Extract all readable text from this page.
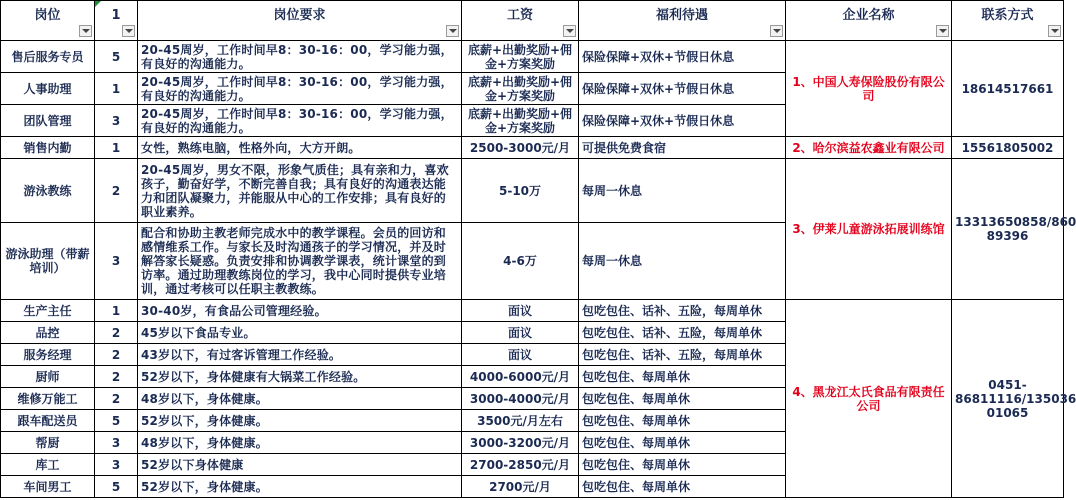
岗位	1	岗位要求	工资	福利待遇	企业名称	联系方式

售后服务专员	5	20-45周岁，工作时间早8：30-16：00，学习能力强，有良好的沟通能力。	底薪+出勤奖励+佣金+方案奖励	保险保障+双休+节假日休息	1、中国人寿保险股份有限公司	18614517661
人事助理	1	20-45周岁，工作时间早8：30-16：00，学习能力强，有良好的沟通能力。	底薪+出勤奖励+佣金+方案奖励	保险保障+双休+节假日休息		
团队管理	3	20-45周岁，工作时间早8：30-16：00，学习能力强，有良好的沟通能力。	底薪+出勤奖励+佣金+方案奖励	保险保障+双休+节假日休息		
销售内勤	1	女性，熟练电脑，性格外向，大方开朗。	2500-3000元/月	可提供免费食宿	2、哈尔滨益农鑫业有限公司	15561805002
游泳教练	2	20-45周岁，男女不限，形象气质佳；具有亲和力，喜欢孩子，勤奋好学，不断完善自我；具有良好的沟通表达能力和团队凝聚力，并能服从中心的工作安排；具有良好的职业素养。	5-10万	每周一休息	3、伊莱儿童游泳拓展训练馆	13313650858/860 89396
游泳助理（带薪培训）	3	配合和协助主教老师完成水中的教学课程。会员的回访和感情维系工作。与家长及时沟通孩子的学习情况，并及时解答家长疑惑。负责安排和协调教学课表，统计课堂的到访率。通过助理教练岗位的学习，我中心同时提供专业培训，通过考核可以任职主教教练。	4-6万	每周一休息		
生产主任	1	30-40岁，有食品公司管理经验。	面议	包吃包住、话补、五险，每周单休	4、黑龙江太氏食品有限责任公司	0451-86811116/135036 01065
品控	2	45岁以下食品专业。	面议	包吃包住、话补、五险，每周单休		
服务经理	2	43岁以下，有过客诉管理工作经验。	面议	包吃包住、话补、五险，每周单休		
厨师	2	52岁以下，身体健康有大锅菜工作经验。	4000-6000元/月	包吃包住、每周单休		
维修万能工	2	48岁以下，身体健康。	3000-4000元/月	包吃包住、每周单休		
跟车配送员	5	52岁以下，身体健康。	3500元/月左右	包吃包住、每周单休		
帮厨	3	48岁以下，身体健康。	3000-3200元/月	包吃包住、每周单休		
库工	3	52岁以下身体健康	2700-2850元/月	包吃包住、每周单休		
车间男工	5	52岁以下，身体健康。	2700元/月	包吃包住、每周单休		
